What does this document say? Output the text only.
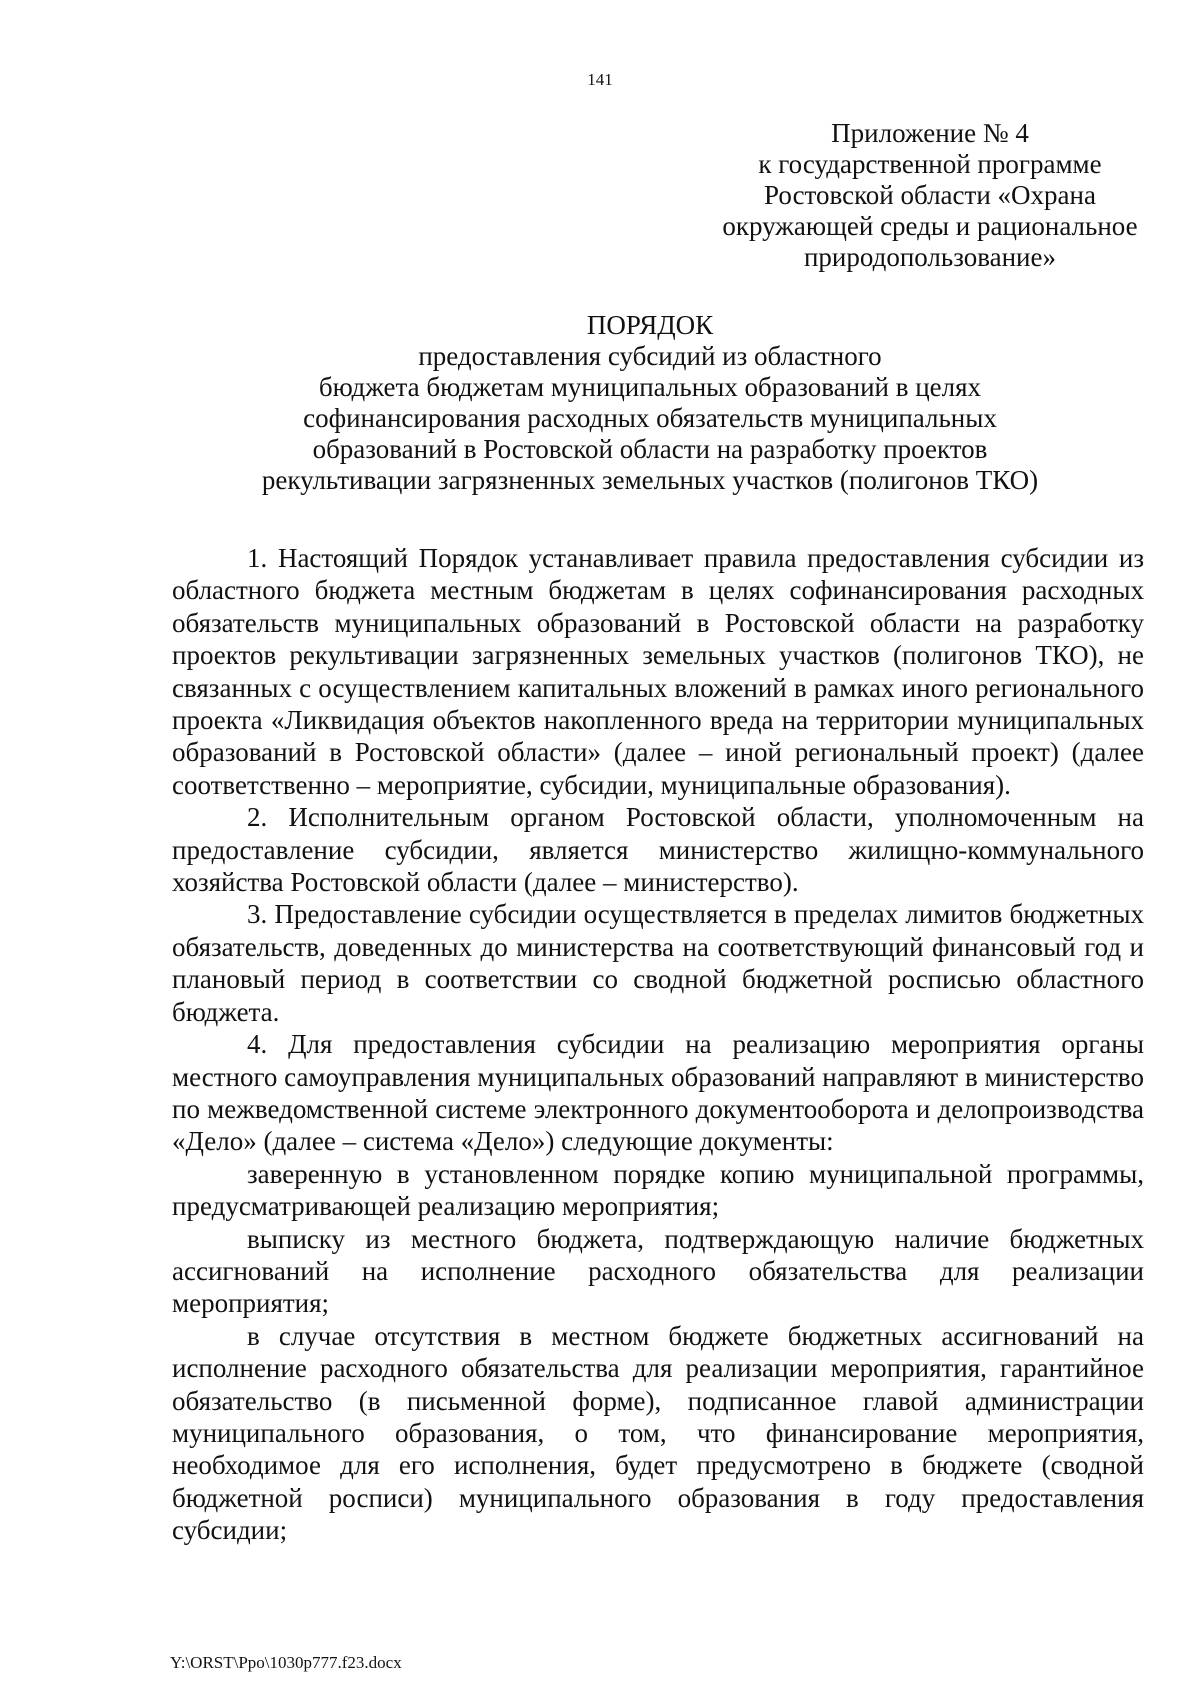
141
Приложение № 4
к государственной программе
Ростовской области «Охрана
окружающей среды и рациональное
природопользование»
ПОРЯДОК
предоставления субсидий из областного
бюджета бюджетам муниципальных образований в целях
софинансирования расходных обязательств муниципальных
образований в Ростовской области на разработку проектов
рекультивации загрязненных земельных участков (полигонов ТКО)

1. Настоящий Порядок устанавливает правила предоставления субсидии из областного бюджета местным бюджетам в целях софинансирования расходных обязательств муниципальных образований в Ростовской области на разработку проектов рекультивации загрязненных земельных участков (полигонов ТКО), не связанных с осуществлением капитальных вложений в рамках иного регионального проекта «Ликвидация объектов накопленного вреда на территории муниципальных образований в Ростовской области» (далее – иной региональный проект) (далее соответственно – мероприятие, субсидии, муниципальные образования).

2. Исполнительным органом Ростовской области, уполномоченным на предоставление субсидии, является министерство жилищно-коммунального хозяйства Ростовской области (далее – министерство).

3. Предоставление субсидии осуществляется в пределах лимитов бюджетных обязательств, доведенных до министерства на соответствующий финансовый год и плановый период в соответствии со сводной бюджетной росписью областного бюджета.

4. Для предоставления субсидии на реализацию мероприятия органы местного самоуправления муниципальных образований направляют в министерство по межведомственной системе электронного документооборота и делопроизводства «Дело» (далее – система «Дело») следующие документы:

заверенную в установленном порядке копию муниципальной программы, предусматривающей реализацию мероприятия;

выписку из местного бюджета, подтверждающую наличие бюджетных ассигнований на исполнение расходного обязательства для реализации мероприятия;

в случае отсутствия в местном бюджете бюджетных ассигнований на исполнение расходного обязательства для реализации мероприятия, гарантийное обязательство (в письменной форме), подписанное главой администрации муниципального образования, о том, что финансирование мероприятия, необходимое для его исполнения, будет предусмотрено в бюджете (сводной бюджетной росписи) муниципального образования в году предоставления субсидии;

Y:\ORST\Ppo\1030p777.f23.docx
